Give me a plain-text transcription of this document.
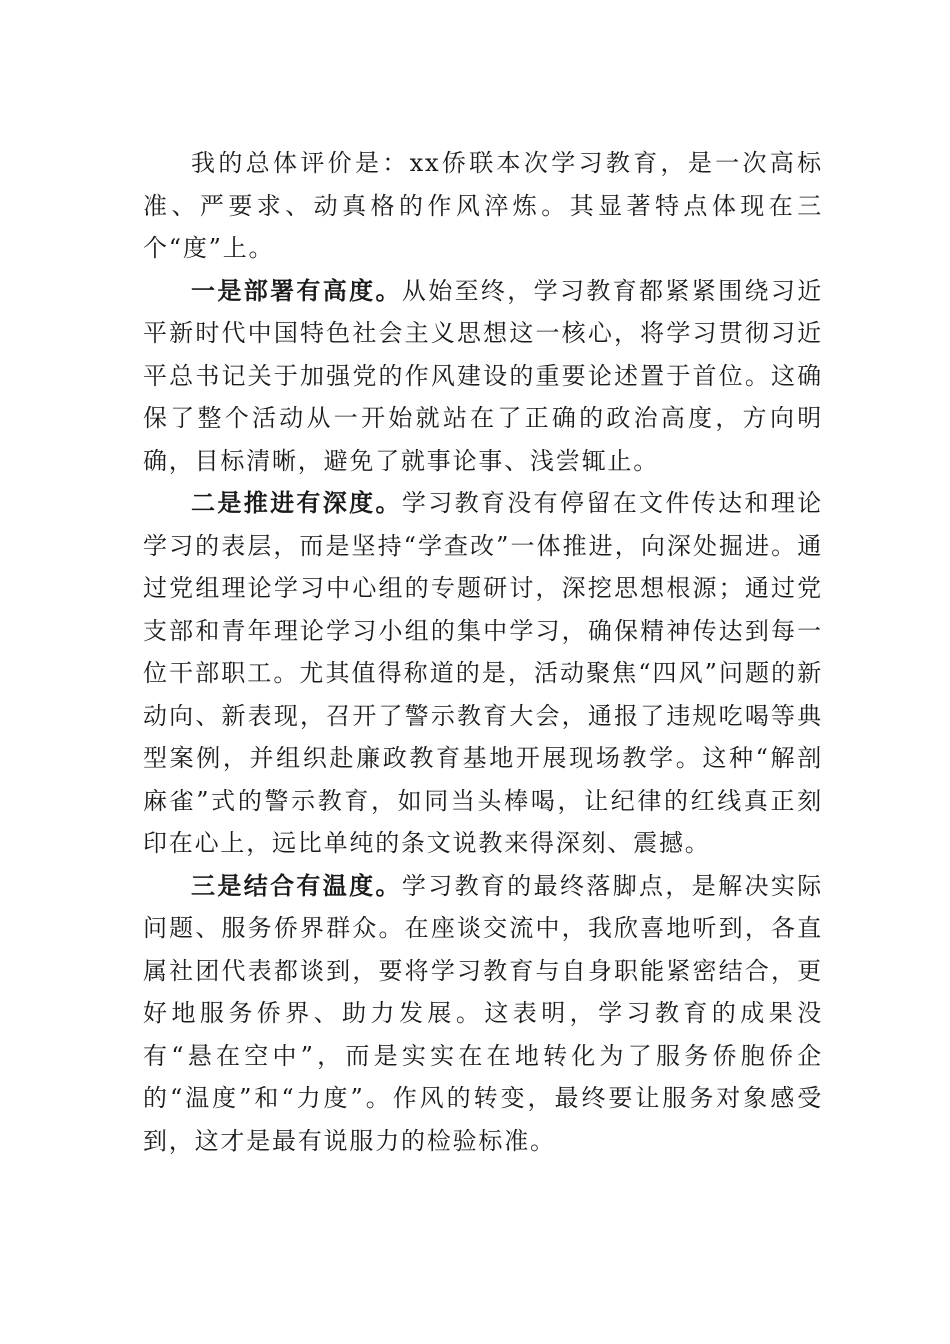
我的总体评价是：xx侨联本次学习教育，是一次高标准、严要求、动真格的作风淬炼。其显著特点体现在三个“度”上。

一是部署有高度。从始至终，学习教育都紧紧围绕习近平新时代中国特色社会主义思想这一核心，将学习贯彻习近平总书记关于加强党的作风建设的重要论述置于首位。这确保了整个活动从一开始就站在了正确的政治高度，方向明确，目标清晰，避免了就事论事、浅尝辄止。

二是推进有深度。学习教育没有停留在文件传达和理论学习的表层，而是坚持“学查改”一体推进，向深处掘进。通过党组理论学习中心组的专题研讨，深挖思想根源；通过党支部和青年理论学习小组的集中学习，确保精神传达到每一位干部职工。尤其值得称道的是，活动聚焦“四风”问题的新动向、新表现，召开了警示教育大会，通报了违规吃喝等典型案例，并组织赴廉政教育基地开展现场教学。这种“解剖麻雀”式的警示教育，如同当头棒喝，让纪律的红线真正刻印在心上，远比单纯的条文说教来得深刻、震撼。

三是结合有温度。学习教育的最终落脚点，是解决实际问题、服务侨界群众。在座谈交流中，我欣喜地听到，各直属社团代表都谈到，要将学习教育与自身职能紧密结合，更好地服务侨界、助力发展。这表明，学习教育的成果没有“悬在空中”，而是实实在在地转化为了服务侨胞侨企的“温度”和“力度”。作风的转变，最终要让服务对象感受到，这才是最有说服力的检验标准。
